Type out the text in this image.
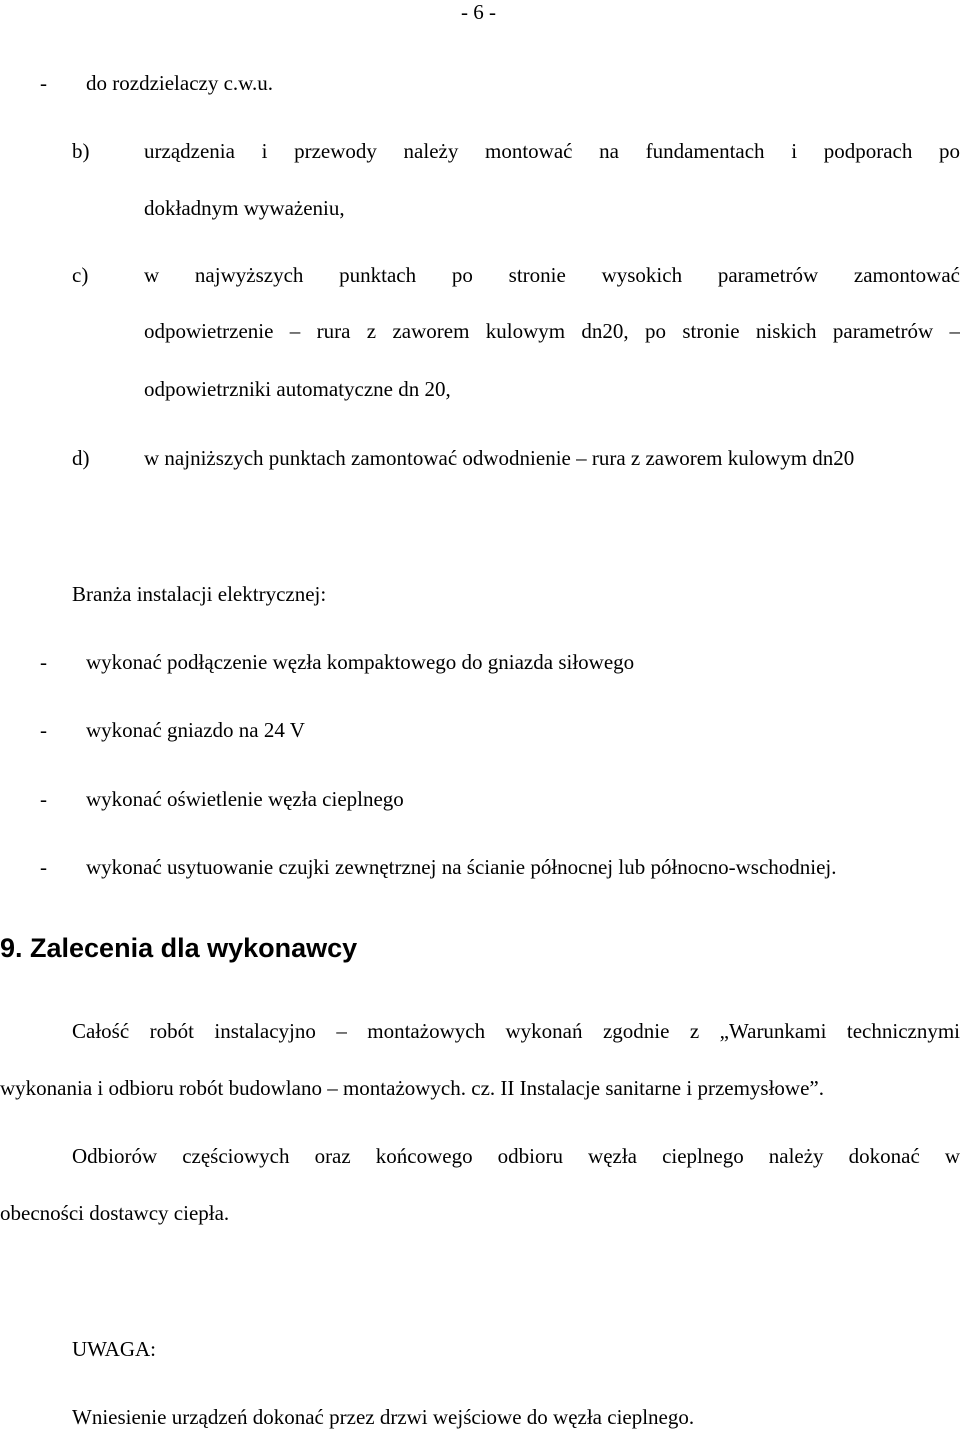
- 6 -
- do rozdzielaczy c.w.u.
b)	urządzenia i przewody należy montować na fundamentach i podporach po
dokładnym wyważeniu,
c)	w najwyższych punktach po stronie wysokich parametrów zamontować
odpowietrzenie – rura z zaworem kulowym dn20, po stronie niskich parametrów –
odpowietrzniki automatyczne dn 20,
d)	w najniższych punktach zamontować odwodnienie – rura z zaworem kulowym dn20
Branża instalacji elektrycznej:
- wykonać podłączenie węzła kompaktowego do gniazda siłowego
- wykonać gniazdo na 24 V
- wykonać oświetlenie węzła cieplnego
- wykonać usytuowanie czujki zewnętrznej na ścianie północnej lub północno-wschodniej.
9. Zalecenia dla wykonawcy
Całość robót instalacyjno – montażowych wykonań zgodnie z „Warunkami technicznymi
wykonania i odbioru robót budowlano – montażowych. cz. II Instalacje sanitarne i przemysłowe”.
Odbiorów częściowych oraz końcowego odbioru węzła cieplnego należy dokonać w
obecności dostawcy ciepła.
UWAGA:
Wniesienie urządzeń dokonać przez drzwi wejściowe do węzła cieplnego.
